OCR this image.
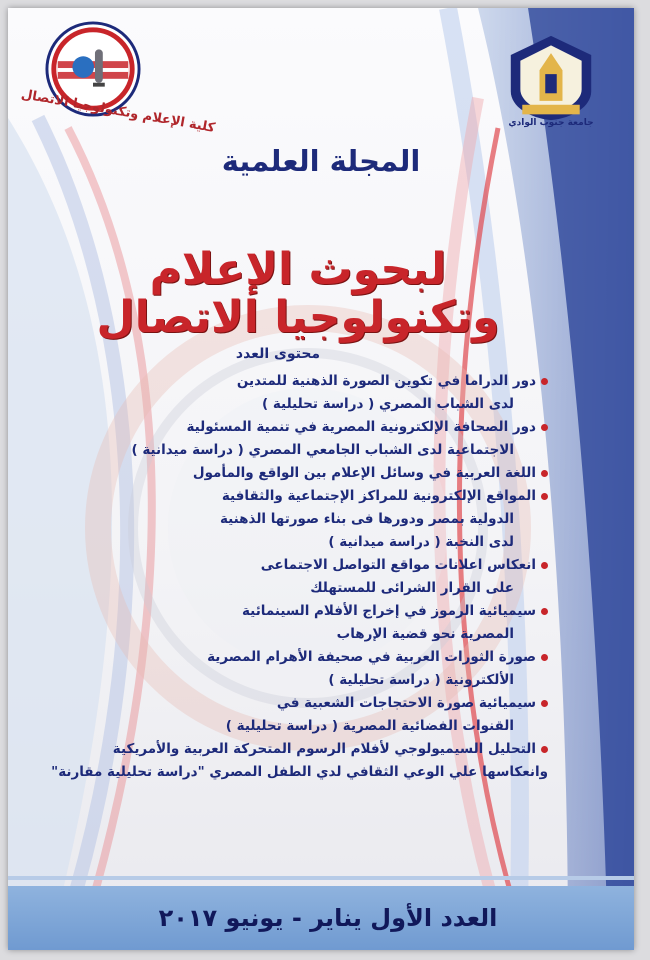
كلية الإعلام وتكنولوجيا الاتصال	جامعة جنوب الوادي
المجلة العلمية
لبحوث الإعلام
وتكنولوجيا الاتصال
محتوى العدد
دور الدراما في تكوين الصورة الذهنية للمتدين
لدى الشباب المصري ( دراسة تحليلية )
دور الصحافة الإلكترونية المصرية في تنمية المسئولية
الاجتماعية لدى الشباب الجامعي المصري ( دراسة ميدانية )
اللغة العربية في وسائل الإعلام بين الواقع والمأمول
المواقع الإلكترونية للمراكز الإجتماعية والثقافية
الدولية بمصر ودورها فى بناء صورتها الذهنية
لدى النخبة ( دراسة ميدانية )
انعكاس اعلانات مواقع التواصل الاجتماعى
على القرار الشرائى للمستهلك
سيميائية الرموز في إخراج الأفلام السينمائية
المصرية نحو قضية الإرهاب
صورة الثورات العربية في صحيفة الأهرام المصرية
الألكترونية ( دراسة تحليلية )
سيميائية صورة الاحتجاجات الشعبية في
القنوات الفضائية المصرية ( دراسة تحليلية )
التحليل السيميولوجي لأفلام الرسوم المتحركة العربية والأمريكية
وانعكاسها علي الوعي الثقافي لدي الطفل المصري "دراسة تحليلية مقارنة"
العدد الأول يناير - يونيو ٢٠١٧
